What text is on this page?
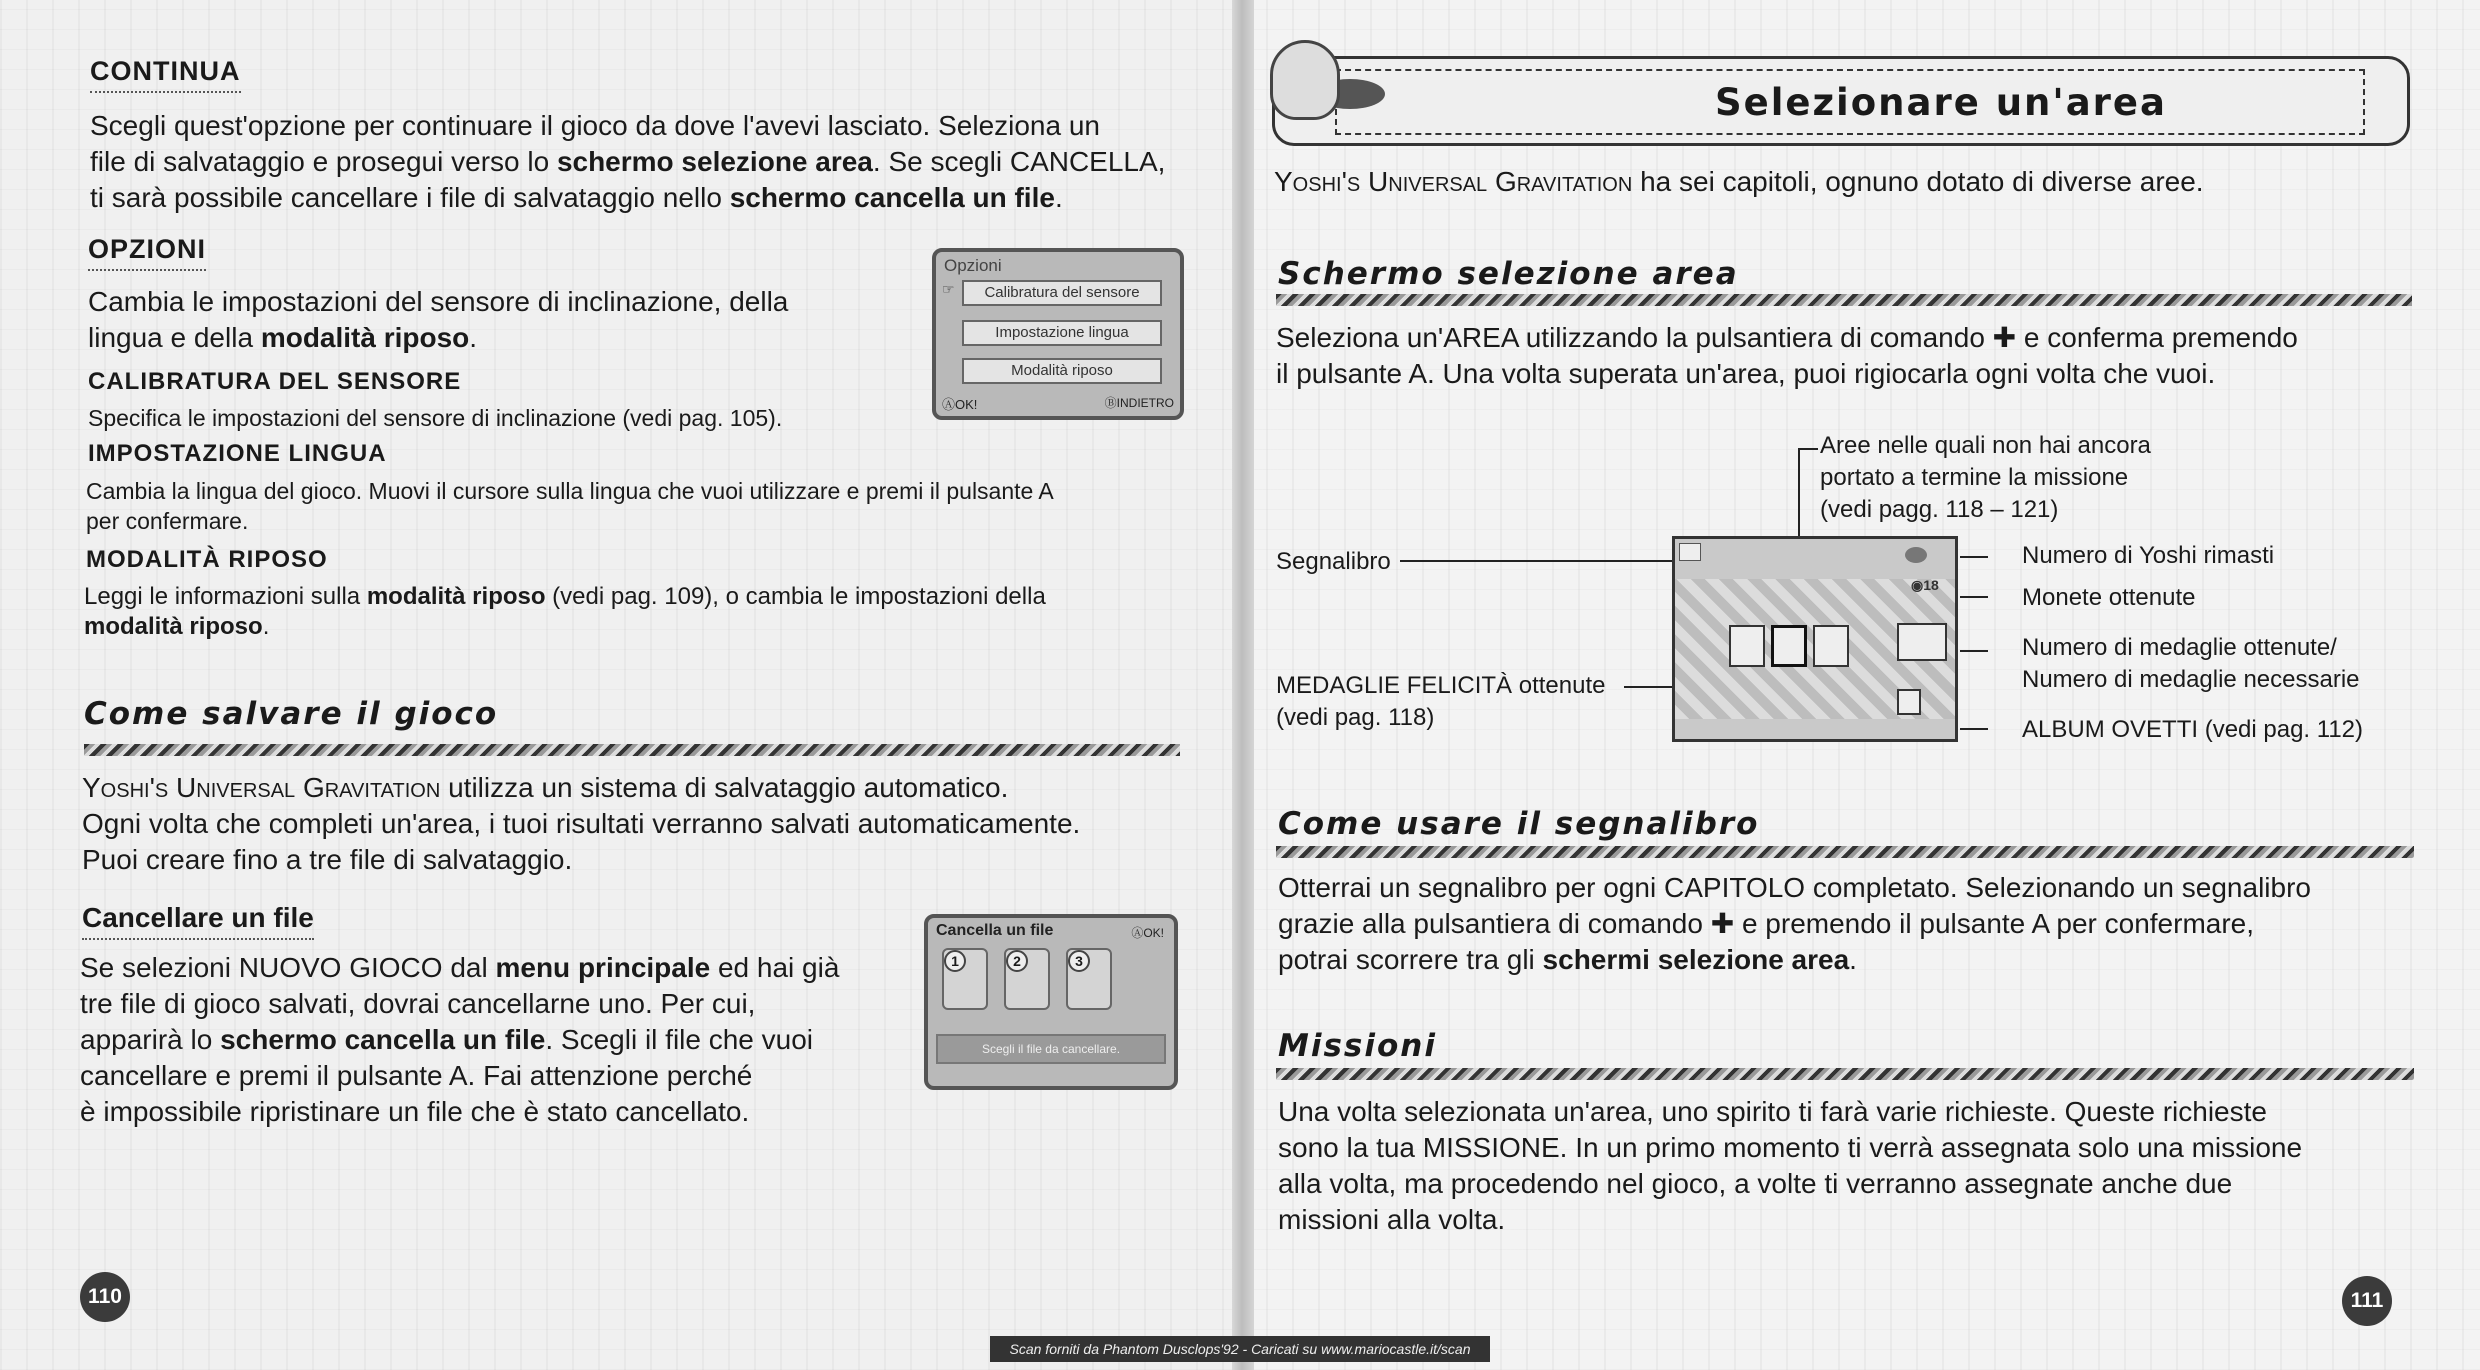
CONTINUA
Scegli quest'opzione per continuare il gioco da dove l'avevi lasciato. Seleziona un
file di salvataggio e prosegui verso lo schermo selezione area. Se scegli CANCELLA,
ti sarà possibile cancellare i file di salvataggio nello schermo cancella un file.
OPZIONI
Cambia le impostazioni del sensore di inclinazione, della
lingua e della modalità riposo.
CALIBRATURA DEL SENSORE
Specifica le impostazioni del sensore di inclinazione (vedi pag. 105).
IMPOSTAZIONE LINGUA
Cambia la lingua del gioco. Muovi il cursore sulla lingua che vuoi utilizzare e premi il pulsante A
per confermare.
MODALITÀ RIPOSO
Leggi le informazioni sulla modalità riposo (vedi pag. 109), o cambia le impostazioni della
modalità riposo.
Opzioni
☞	Calibratura del sensore
Impostazione lingua
Modalità riposo
ⒶOK!	ⒷINDIETRO
Come salvare il gioco
Yoshi's Universal Gravitation utilizza un sistema di salvataggio automatico.
Ogni volta che completi un'area, i tuoi risultati verranno salvati automaticamente.
Puoi creare fino a tre file di salvataggio.
Cancellare un file
Se selezioni NUOVO GIOCO dal menu principale ed hai già
tre file di gioco salvati, dovrai cancellarne uno. Per cui,
apparirà lo schermo cancella un file. Scegli il file che vuoi
cancellare e premi il pulsante A. Fai attenzione perché
è impossibile ripristinare un file che è stato cancellato.
Cancella un file	ⒶOK!
1	2	3
Scegli il file da cancellare.
110
Selezionare un'area
Yoshi's Universal Gravitation ha sei capitoli, ognuno dotato di diverse aree.
Schermo selezione area
Seleziona un'AREA utilizzando la pulsantiera di comando ✚ e conferma premendo
il pulsante A. Una volta superata un'area, puoi rigiocarla ogni volta che vuoi.
Aree nelle quali non hai ancora
portato a termine la missione
(vedi pagg. 118 – 121)
Segnalibro
MEDAGLIE FELICITÀ ottenute
(vedi pag. 118)
◉18
Numero di Yoshi rimasti
Monete ottenute
Numero di medaglie ottenute/
Numero di medaglie necessarie
ALBUM OVETTI (vedi pag. 112)
Come usare il segnalibro
Otterrai un segnalibro per ogni CAPITOLO completato. Selezionando un segnalibro
grazie alla pulsantiera di comando ✚ e premendo il pulsante A per confermare,
potrai scorrere tra gli schermi selezione area.
Missioni
Una volta selezionata un'area, uno spirito ti farà varie richieste. Queste richieste
sono la tua MISSIONE. In un primo momento ti verrà assegnata solo una missione
alla volta, ma procedendo nel gioco, a volte ti verranno assegnate anche due
missioni alla volta.
111
Scan forniti da Phantom Dusclops'92 - Caricati su www.mariocastle.it/scan
